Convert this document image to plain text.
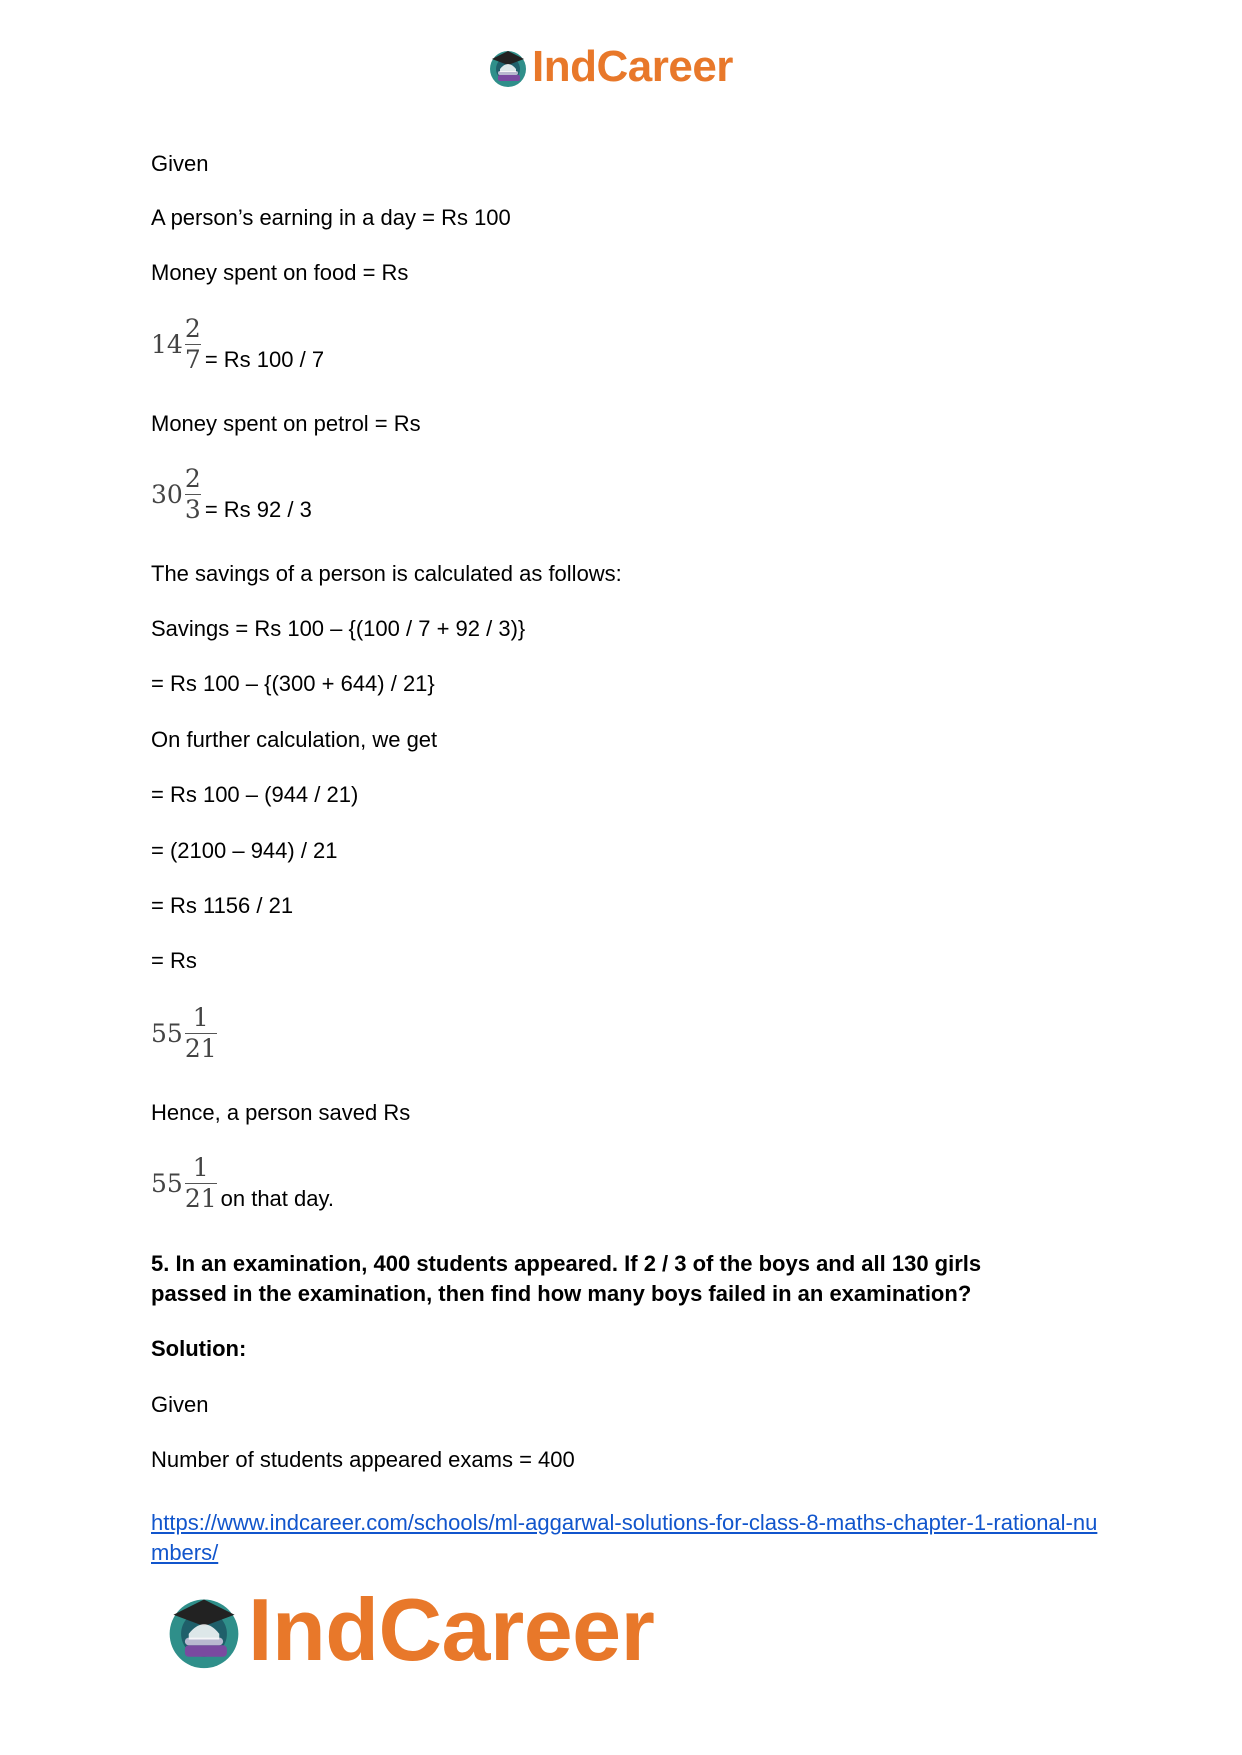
IndCareer
Given
A person’s earning in a day = Rs 100
Money spent on food = Rs
$14 \frac{2}{7} = Rs$ 100 / 7
Money spent on petrol = Rs
$30 \frac{2}{3} = Rs$ 92 / 3
The savings of a person is calculated as follows:
Savings = Rs 100 – {(100 / 7 + 92 / 3)}
= Rs 100 – {(300 + 644) / 21}
On further calculation, we get
= Rs 100 – (944 / 21)
= (2100 – 944) / 21
= Rs 1156 / 21
= Rs
$55 \frac{1}{21}$
Hence, a person saved Rs
$55 \frac{1}{21}$ on that day.
5. In an examination, 400 students appeared. If 2 / 3 of the boys and all 130 girls passed in the examination, then find how many boys failed in an examination?
Solution:
Given
Number of students appeared exams = 400
https://www.indcareer.com/schools/ml-aggarwal-solutions-for-class-8-maths-chapter-1-rational-numbers/
IndCareer
